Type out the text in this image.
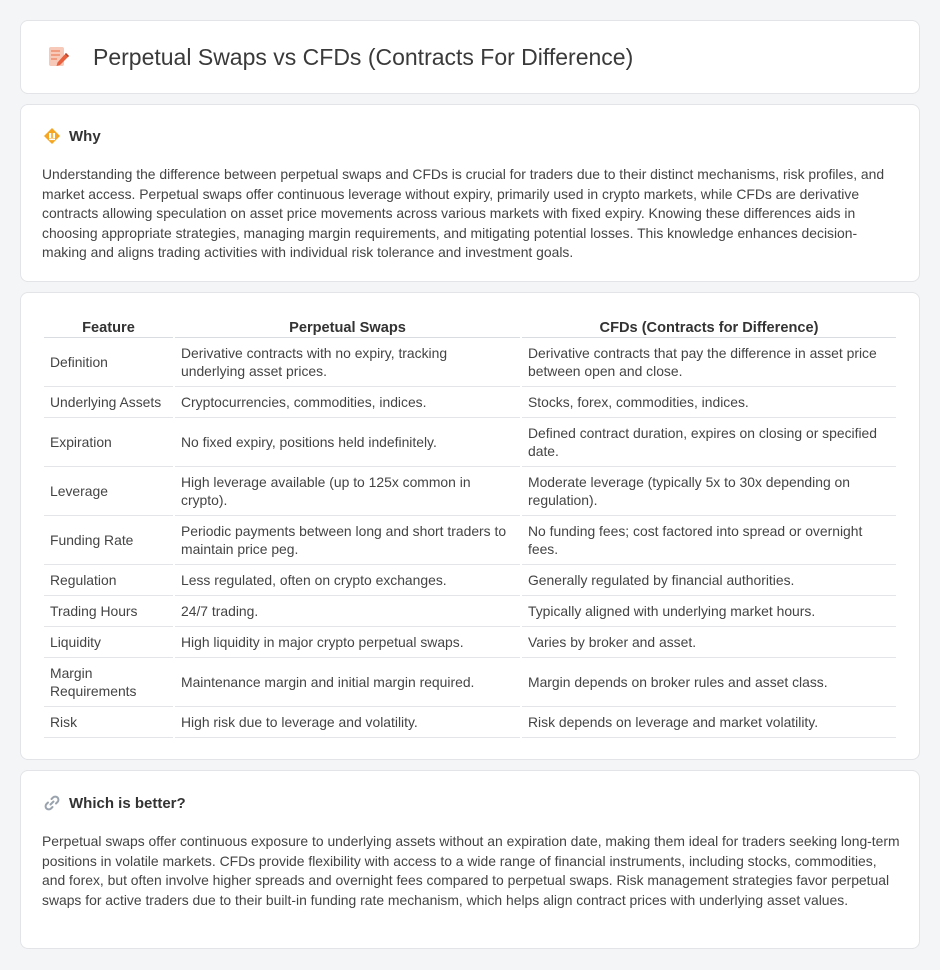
Perpetual Swaps vs CFDs (Contracts For Difference)
Why

Understanding the difference between perpetual swaps and CFDs is crucial for traders due to their distinct mechanisms, risk profiles, and market access. Perpetual swaps offer continuous leverage without expiry, primarily used in crypto markets, while CFDs are derivative contracts allowing speculation on asset price movements across various markets with fixed expiry. Knowing these differences aids in choosing appropriate strategies, managing margin requirements, and mitigating potential losses. This knowledge enhances decision-making and aligns trading activities with individual risk tolerance and investment goals.

Feature	Perpetual Swaps	CFDs (Contracts for Difference)
Definition	Derivative contracts with no expiry, tracking underlying asset prices.	Derivative contracts that pay the difference in asset price between open and close.
Underlying Assets	Cryptocurrencies, commodities, indices.	Stocks, forex, commodities, indices.
Expiration	No fixed expiry, positions held indefinitely.	Defined contract duration, expires on closing or specified date.
Leverage	High leverage available (up to 125x common in crypto).	Moderate leverage (typically 5x to 30x depending on regulation).
Funding Rate	Periodic payments between long and short traders to maintain price peg.	No funding fees; cost factored into spread or overnight fees.
Regulation	Less regulated, often on crypto exchanges.	Generally regulated by financial authorities.
Trading Hours	24/7 trading.	Typically aligned with underlying market hours.
Liquidity	High liquidity in major crypto perpetual swaps.	Varies by broker and asset.
Margin Requirements	Maintenance margin and initial margin required.	Margin depends on broker rules and asset class.
Risk	High risk due to leverage and volatility.	Risk depends on leverage and market volatility.
Which is better?

Perpetual swaps offer continuous exposure to underlying assets without an expiration date, making them ideal for traders seeking long-term positions in volatile markets. CFDs provide flexibility with access to a wide range of financial instruments, including stocks, commodities, and forex, but often involve higher spreads and overnight fees compared to perpetual swaps. Risk management strategies favor perpetual swaps for active traders due to their built-in funding rate mechanism, which helps align contract prices with underlying asset values.
